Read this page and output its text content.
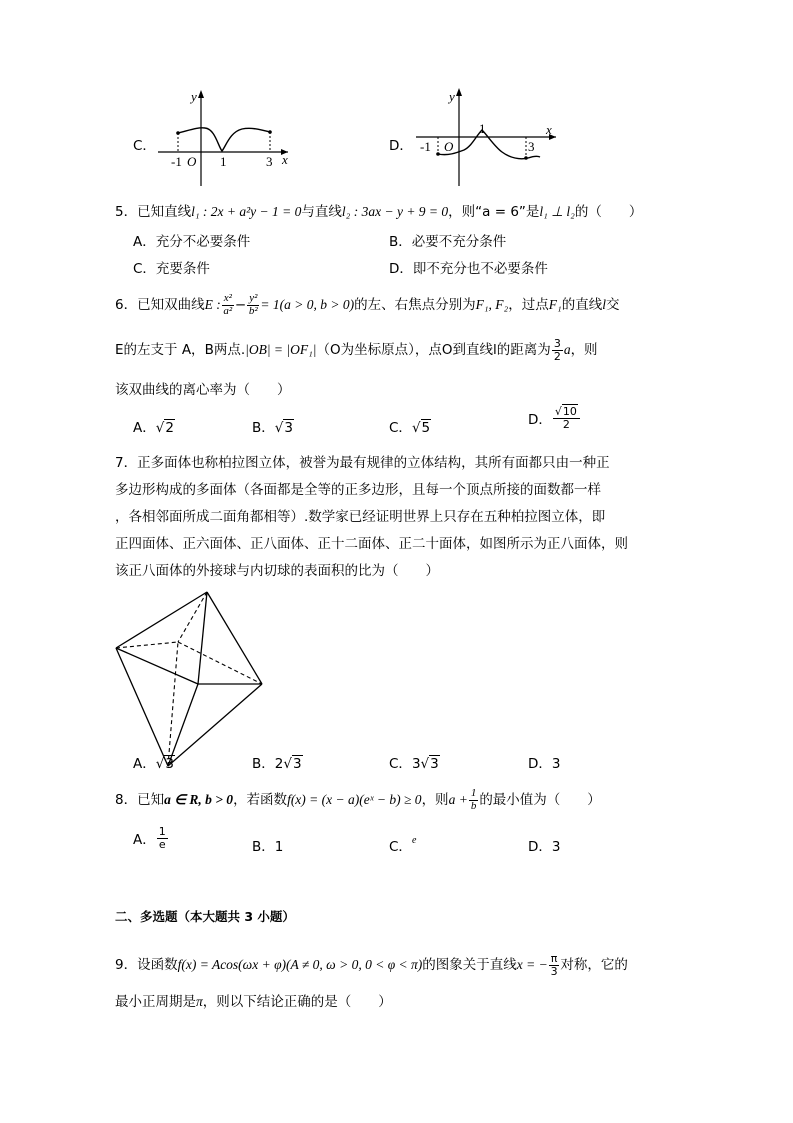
C．
y
x
-1 O 1	3
D．
y
x
-1 O
1
3
5．已知直线l₁ : 2x + a²y − 1 = 0与直线l₂ : 3ax − y + 9 = 0，则“a = 6”是l₁ ⊥ l₂的（　　）
A．充分不必要条件	B．必要不充分条件
C．充要条件	D．即不充分也不必要条件
6．已知双曲线E : $\frac{\text{x²}}{\text{a²}} - \frac{\text{y²}}{\text{b²}} = 1(a > 0$, b > 0)的左、右焦点分别为F₁, F₂，过点F₁的直线l交
E的左支于 A，B两点.|OB| = |OF₁|（O为坐标原点），点O到直线l的距离为 $\frac{3}{2}$ a，则
该双曲线的离心率为（　　）
A．√2	B．√3	C．√5	D． $\frac{√10}{2}$
7．正多面体也称柏拉图立体，被誉为最有规律的立体结构，其所有面都只由一种正
多边形构成的多面体（各面都是全等的正多边形，且每一个顶点所接的面数都一样
，各相邻面所成二面角都相等）.数学家已经证明世界上只存在五种柏拉图立体，即
正四面体、正六面体、正八面体、正十二面体、正二十面体，如图所示为正八面体，则
该正八面体的外接球与内切球的表面积的比为（　　）
A．√3	B．2√3	C．3√3	D．3
8．已知a ∈ R, b > 0，若函数f(x) = (x − a)(eˣ − b) ≥ 0，则$a + \frac{1}{b}$ 的最小值为（　　）
A． $\frac{1}{e}$	B．1	C．$^e$	D．3
二、多选题（本大题共 3 小题）
9．设函数f(x) = Acos(ωx + φ)(A ≠ 0, ω > 0, 0 < φ < π)的图象关于直线x = − $\frac{\pi}{3}$ 对称，它的
最小正周期是π，则以下结论正确的是（　　）
